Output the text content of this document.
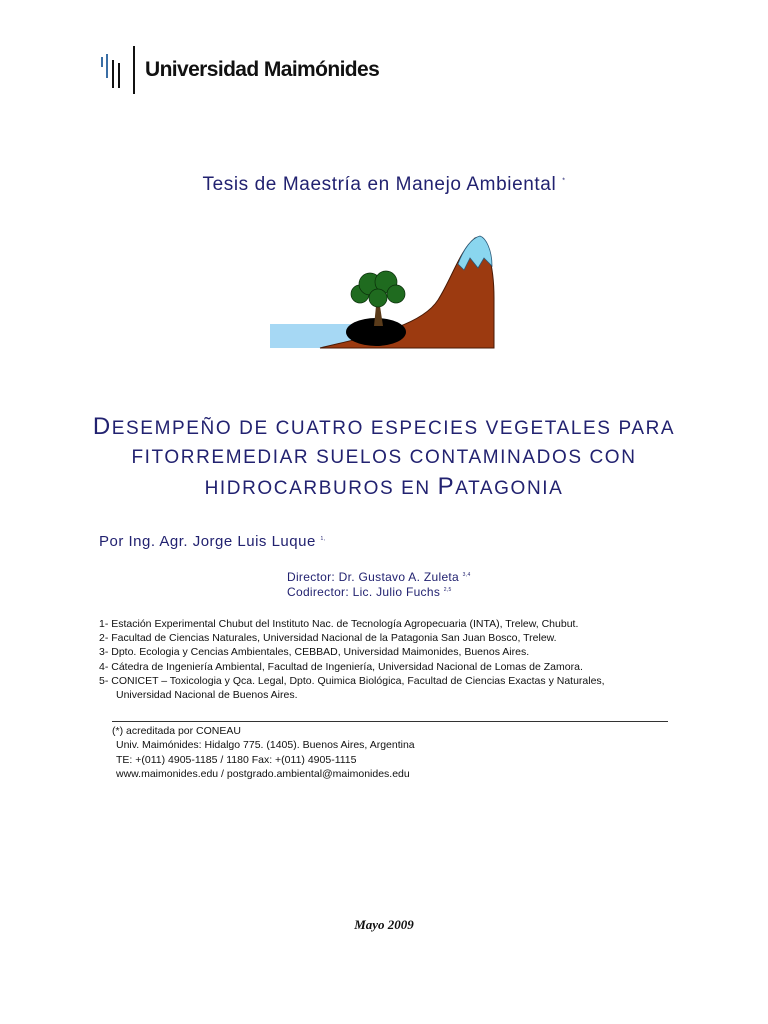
Universidad Maimónides
Tesis de Maestría en Manejo Ambiental *
DESEMPEÑO DE CUATRO ESPECIES VEGETALES PARA
FITORREMEDIAR SUELOS CONTAMINADOS CON
HIDROCARBUROS EN PATAGONIA
Por Ing. Agr. Jorge Luis Luque $^{1,}$
Director: Dr. Gustavo A. Zuleta $^{3,4}$
Codirector: Lic. Julio Fuchs $^{2,5}$
1- Estación Experimental Chubut del Instituto Nac. de Tecnología Agropecuaria (INTA), Trelew, Chubut.
2- Facultad de Ciencias Naturales, Universidad Nacional de la Patagonia San Juan Bosco, Trelew.
3- Dpto. Ecologia y Cencias Ambientales, CEBBAD, Universidad Maimonides, Buenos Aires.
4- Cátedra de Ingeniería Ambiental, Facultad de Ingeniería, Universidad Nacional de Lomas de Zamora.
5- CONICET – Toxicologia y Qca. Legal, Dpto. Quimica Biológica, Facultad de Ciencias Exactas y Naturales,
Universidad Nacional de Buenos Aires.
(*) acreditada por CONEAU
Univ. Maimónides: Hidalgo 775. (1405). Buenos Aires, Argentina
TE: +(011) 4905-1185 / 1180 Fax: +(011) 4905-1115
www.maimonides.edu / postgrado.ambiental@maimonides.edu
Mayo 2009
